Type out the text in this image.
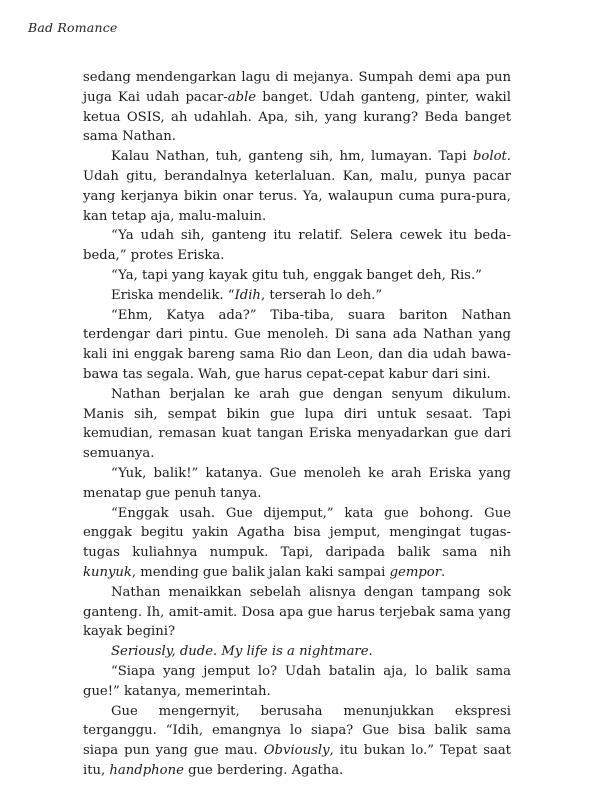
Bad Romance

sedang mendengarkan lagu di mejanya. Sumpah demi apa pun juga Kai udah pacar-able banget. Udah ganteng, pinter, wakil ketua OSIS, ah udahlah. Apa, sih, yang kurang? Beda banget sama Nathan.

Kalau Nathan, tuh, ganteng sih, hm, lumayan. Tapi bolot. Udah gitu, berandalnya keterlaluan. Kan, malu, punya pacar yang kerjanya bikin onar terus. Ya, walaupun cuma pura-pura, kan tetap aja, malu-maluin.

“Ya udah sih, ganteng itu relatif. Selera cewek itu beda-beda,” protes Eriska.

“Ya, tapi yang kayak gitu tuh, enggak banget deh, Ris.”

Eriska mendelik. “Idih, terserah lo deh.”

“Ehm, Katya ada?” Tiba-tiba, suara bariton Nathan terdengar dari pintu. Gue menoleh. Di sana ada Nathan yang kali ini enggak bareng sama Rio dan Leon, dan dia udah bawa-bawa tas segala. Wah, gue harus cepat-cepat kabur dari sini.

Nathan berjalan ke arah gue dengan senyum dikulum. Manis sih, sempat bikin gue lupa diri untuk sesaat. Tapi kemudian, remasan kuat tangan Eriska menyadarkan gue dari semuanya.

“Yuk, balik!” katanya. Gue menoleh ke arah Eriska yang menatap gue penuh tanya.

“Enggak usah. Gue dijemput,” kata gue bohong. Gue enggak begitu yakin Agatha bisa jemput, mengingat tugas-tugas kuliahnya numpuk. Tapi, daripada balik sama nih kunyuk, mending gue balik jalan kaki sampai gempor.

Nathan menaikkan sebelah alisnya dengan tampang sok ganteng. Ih, amit-amit. Dosa apa gue harus terjebak sama yang kayak begini?

Seriously, dude. My life is a nightmare.

“Siapa yang jemput lo? Udah batalin aja, lo balik sama gue!” katanya, memerintah.

Gue mengernyit, berusaha menunjukkan ekspresi terganggu. “Idih, emangnya lo siapa? Gue bisa balik sama siapa pun yang gue mau. Obviously, itu bukan lo.” Tepat saat itu, handphone gue berdering. Agatha.
